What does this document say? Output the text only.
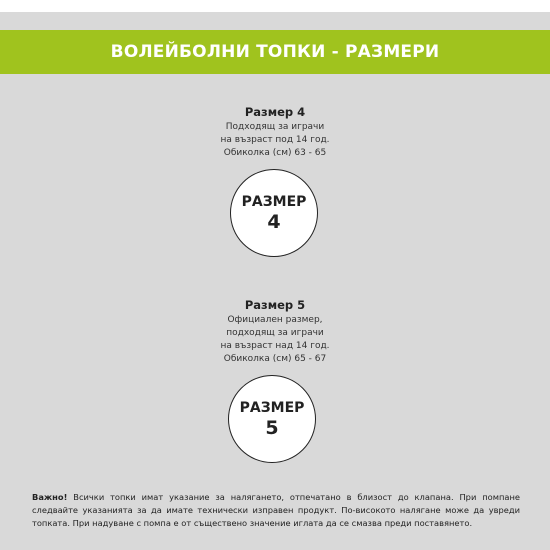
ВОЛЕЙБОЛНИ ТОПКИ - РАЗМЕРИ
Размер 4
Подходящ за играчи
на възраст под 14 год.
Обиколка (см) 63 - 65
РАЗМЕР
4
Размер 5
Официален размер,
подходящ за играчи
на възраст над 14 год.
Обиколка (см) 65 - 67
РАЗМЕР
5
Важно! Всички топки имат указание за налягането, отпечатано в близост до клапана. При помпане следвайте указанията за да имате технически изправен продукт. По-високото налягане може да увреди топката. При надуване с помпа е от съществено значение иглата да се смазва преди поставянето.
